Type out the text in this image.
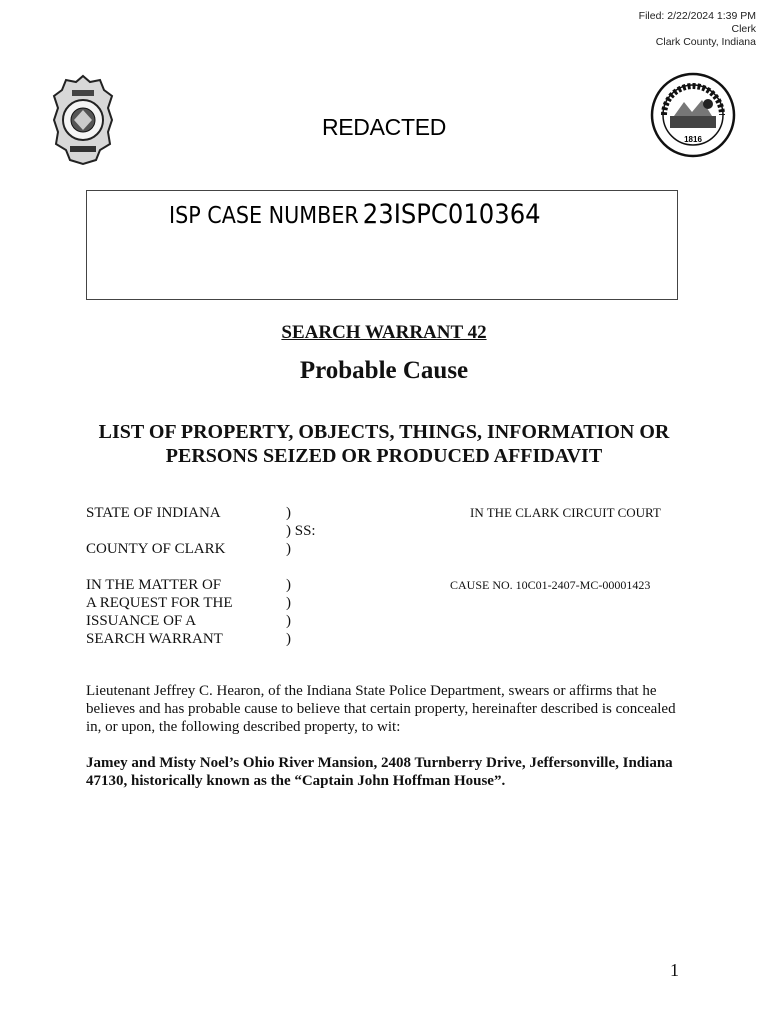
Filed: 2/22/2024 1:39 PM
Clerk
Clark County, Indiana
1816
REDACTED
ISP CASE NUMBER 23ISPC010364
SEARCH WARRANT 42
Probable Cause
LIST OF PROPERTY, OBJECTS, THINGS, INFORMATION OR
PERSONS SEIZED OR PRODUCED AFFIDAVIT
STATE OF INDIANA	)
) SS:
COUNTY OF CLARK	)
IN THE MATTER OF
A REQUEST FOR THE
ISSUANCE OF A
SEARCH WARRANT
)
)
)
)
IN THE CLARK CIRCUIT COURT
CAUSE NO. 10C01-2407-MC-00001423
Lieutenant Jeffrey C. Hearon, of the Indiana State Police Department, swears or affirms that he believes and has probable cause to believe that certain property, hereinafter described is concealed in, or upon, the following described property, to wit:
Jamey and Misty Noel’s Ohio River Mansion, 2408 Turnberry Drive, Jeffersonville, Indiana 47130, historically known as the “Captain John Hoffman House”.
1
